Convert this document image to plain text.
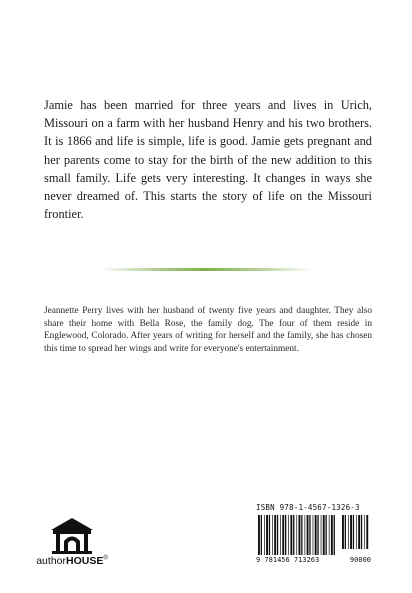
Jamie has been married for three years and lives in Urich, Missouri on a farm with her husband Henry and his two brothers. It is 1866 and life is simple, life is good. Jamie gets pregnant and her parents come to stay for the birth of the new addition to this small family. Life gets very interesting. It changes in ways she never dreamed of. This starts the story of life on the Missouri frontier.

Jeannette Perry lives with her husband of twenty five years and daughter. They also share their home with Bella Rose, the family dog. The four of them reside in Englewood, Colorado. After years of writing for herself and the family, she has chosen this time to spread her wings and write for everyone's entertainment.

authorHOUSE®
ISBN 978-1-4567-1326-3
9 781456 713263	90000
